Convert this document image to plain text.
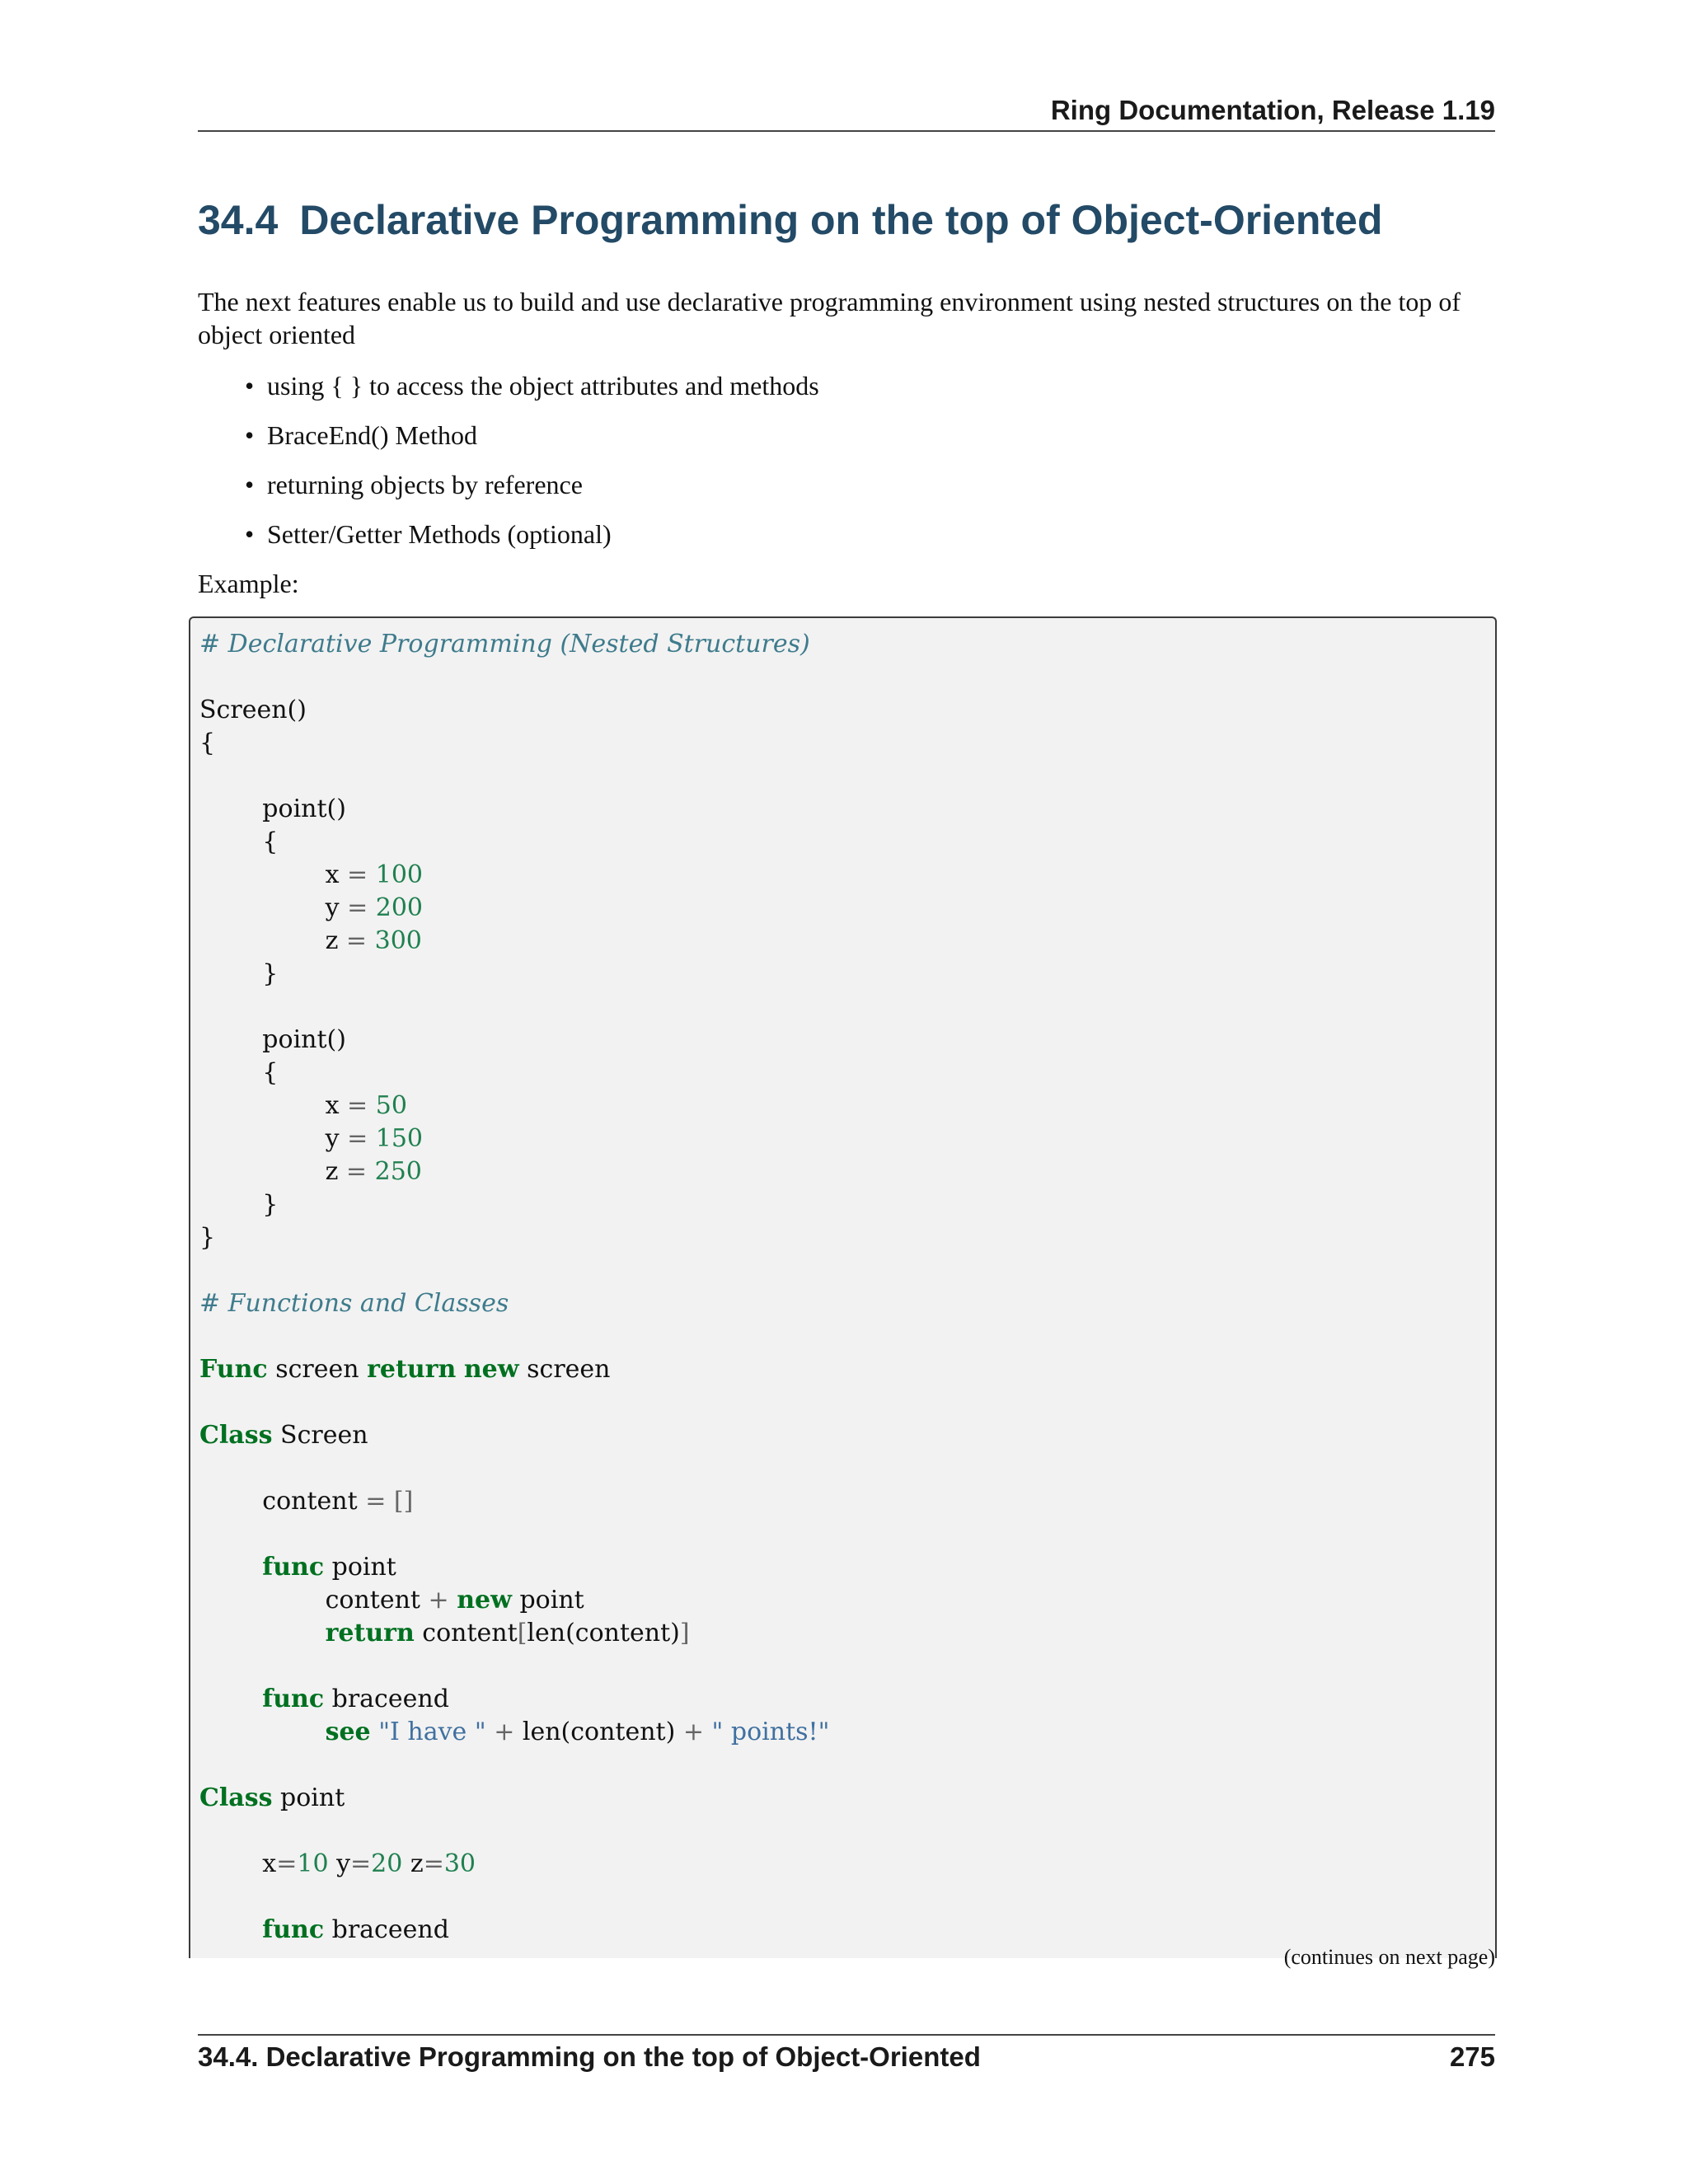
Ring Documentation, Release 1.19
34.4 Declarative Programming on the top of Object-Oriented

The next features enable us to build and use declarative programming environment using nested structures on the top of object oriented

• using { } to access the object attributes and methods
• BraceEnd() Method
• returning objects by reference
• Setter/Getter Methods (optional)

Example:

# Declarative Programming (Nested Structures)

Screen()
{

	point()
	{
		x = 100
		y = 200
		z = 300
	}

	point()
	{
		x = 50
		y = 150
		z = 250
	}
}

# Functions and Classes

Func screen return new screen

Class Screen

	content = []

	func point
		content + new point
		return content[len(content)]

	func braceend
		see "I have " + len(content) + " points!"

Class point

	x=10 y=20 z=30

	func braceend

(continues on next page)
34.4. Declarative Programming on the top of Object-Oriented	275
